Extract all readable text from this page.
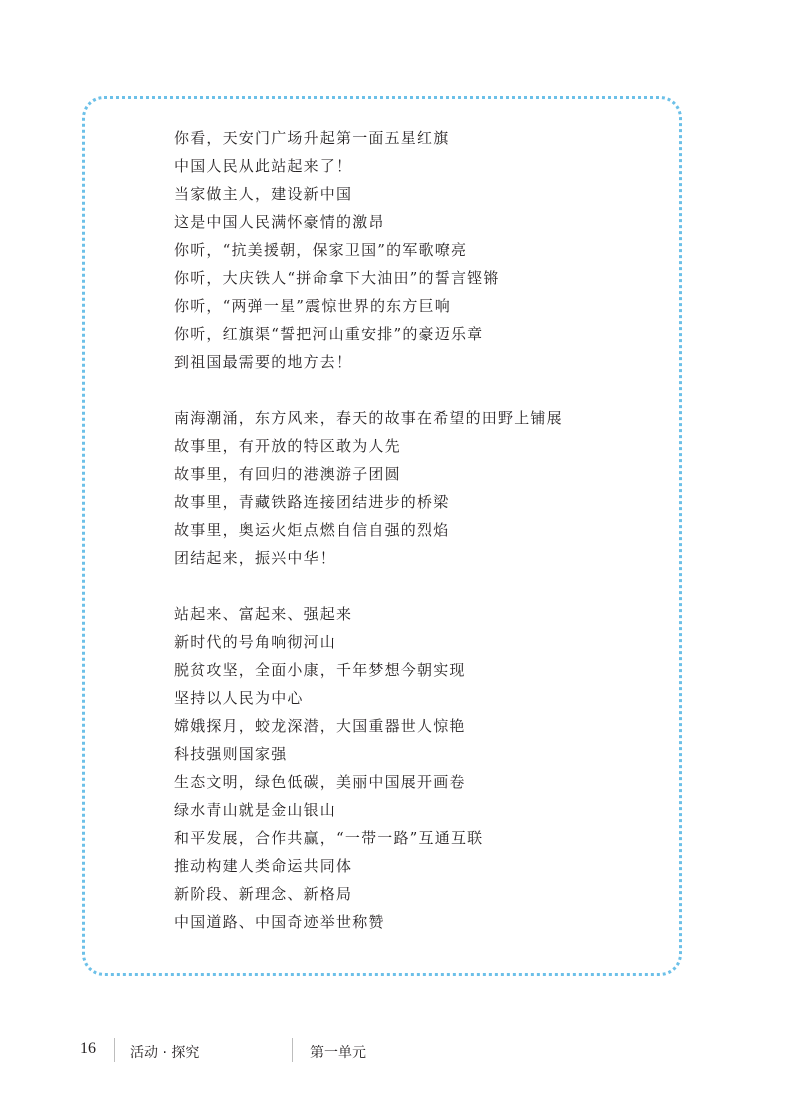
你看，天安门广场升起第一面五星红旗
中国人民从此站起来了！
当家做主人，建设新中国
这是中国人民满怀豪情的激昂
你听，“抗美援朝，保家卫国”的军歌嘹亮
你听，大庆铁人“拼命拿下大油田”的誓言铿锵
你听，“两弹一星”震惊世界的东方巨响
你听，红旗渠“誓把河山重安排”的豪迈乐章
到祖国最需要的地方去！
南海潮涌，东方风来，春天的故事在希望的田野上铺展
故事里，有开放的特区敢为人先
故事里，有回归的港澳游子团圆
故事里，青藏铁路连接团结进步的桥梁
故事里，奥运火炬点燃自信自强的烈焰
团结起来，振兴中华！
站起来、富起来、强起来
新时代的号角响彻河山
脱贫攻坚，全面小康，千年梦想今朝实现
坚持以人民为中心
嫦娥探月，蛟龙深潜，大国重器世人惊艳
科技强则国家强
生态文明，绿色低碳，美丽中国展开画卷
绿水青山就是金山银山
和平发展，合作共赢，“一带一路”互通互联
推动构建人类命运共同体
新阶段、新理念、新格局
中国道路、中国奇迹举世称赞
16 活动 · 探究	第一单元
